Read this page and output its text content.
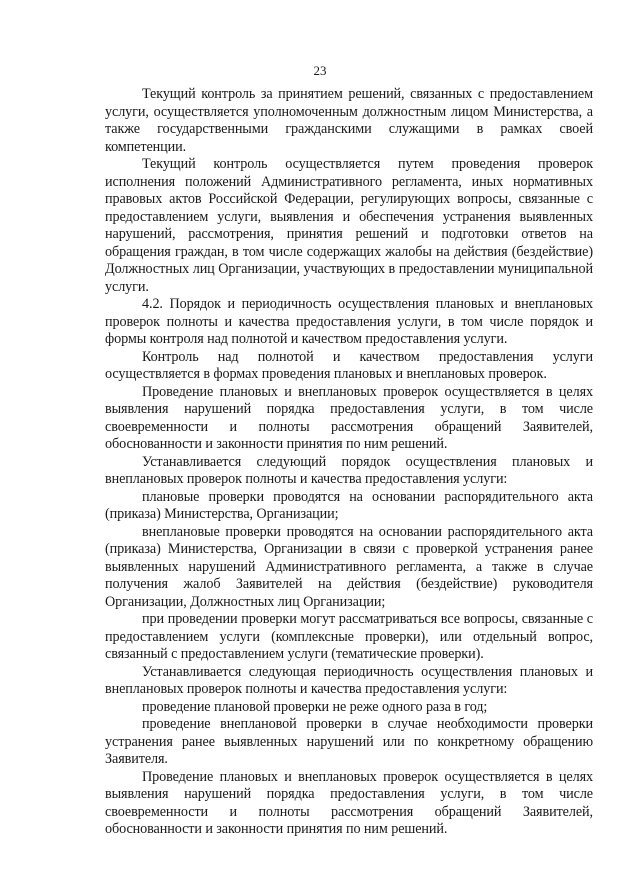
23

Текущий контроль за принятием решений, связанных с предоставлением услуги, осуществляется уполномоченным должностным лицом Министерства, а также государственными гражданскими служащими в рамках своей компетенции.

Текущий контроль осуществляется путем проведения проверок исполнения положений Административного регламента, иных нормативных правовых актов Российской Федерации, регулирующих вопросы, связанные с предоставлением услуги, выявления и обеспечения устранения выявленных нарушений, рассмотрения, принятия решений и подготовки ответов на обращения граждан, в том числе содержащих жалобы на действия (бездействие) Должностных лиц Организации, участвующих в предоставлении муниципальной услуги.

4.2. Порядок и периодичность осуществления плановых и внеплановых проверок полноты и качества предоставления услуги, в том числе порядок и формы контроля над полнотой и качеством предоставления услуги.

Контроль над полнотой и качеством предоставления услуги осуществляется в формах проведения плановых и внеплановых проверок.

Проведение плановых и внеплановых проверок осуществляется в целях выявления нарушений порядка предоставления услуги, в том числе своевременности и полноты рассмотрения обращений Заявителей, обоснованности и законности принятия по ним решений.

Устанавливается следующий порядок осуществления плановых и внеплановых проверок полноты и качества предоставления услуги:

плановые проверки проводятся на основании распорядительного акта (приказа) Министерства, Организации;

внеплановые проверки проводятся на основании распорядительного акта (приказа) Министерства, Организации в связи с проверкой устранения ранее выявленных нарушений Административного регламента, а также в случае получения жалоб Заявителей на действия (бездействие) руководителя Организации, Должностных лиц Организации;

при проведении проверки могут рассматриваться все вопросы, связанные с предоставлением услуги (комплексные проверки), или отдельный вопрос, связанный с предоставлением услуги (тематические проверки).

Устанавливается следующая периодичность осуществления плановых и внеплановых проверок полноты и качества предоставления услуги:

проведение плановой проверки не реже одного раза в год;

проведение внеплановой проверки в случае необходимости проверки устранения ранее выявленных нарушений или по конкретному обращению Заявителя.

Проведение плановых и внеплановых проверок осуществляется в целях выявления нарушений порядка предоставления услуги, в том числе своевременности и полноты рассмотрения обращений Заявителей, обоснованности и законности принятия по ним решений.
